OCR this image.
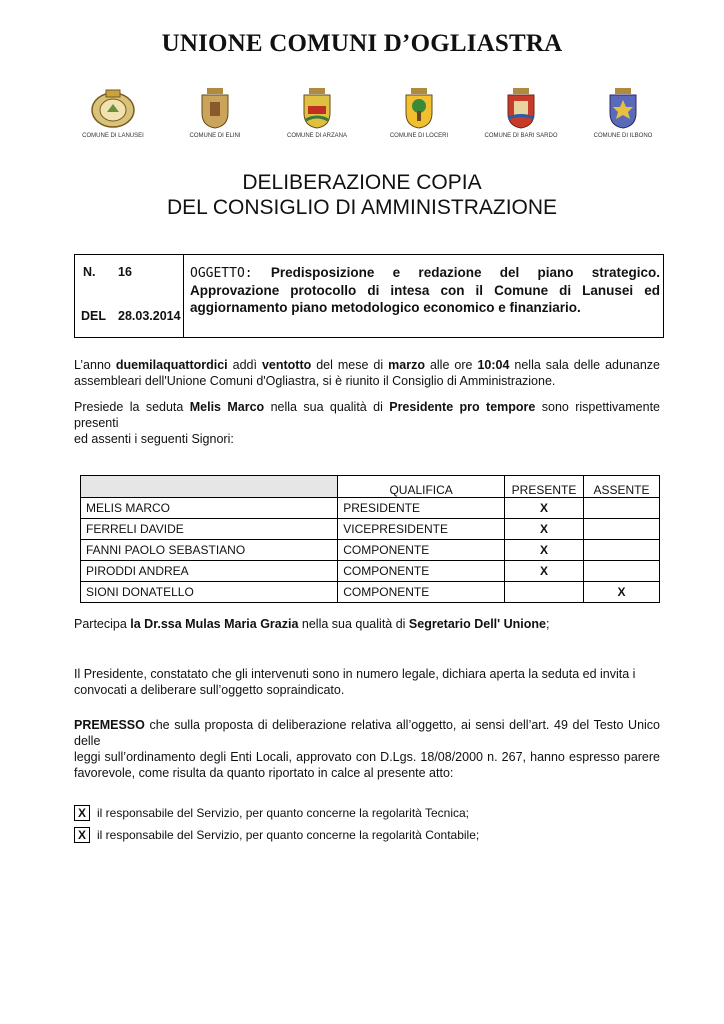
UNIONE COMUNI D’OGLIASTRA
COMUNE DI LANUSEI	COMUNE DI ELINI	COMUNE DI ARZANA	COMUNE DI LOCERI	COMUNE DI BARI SARDO	COMUNE DI ILBONO
DELIBERAZIONE COPIA
DEL CONSIGLIO DI AMMINISTRAZIONE
N. 16
DEL 28.03.2014
OGGETTO: Predisposizione e redazione del piano strategico.
Approvazione protocollo di intesa con il Comune di Lanusei ed
aggiornamento piano metodologico economico e finanziario.
L’anno duemilaquattordici addì ventotto del mese di marzo alle ore 10:04 nella sala delle adunanze
assembleari dell'Unione Comuni d'Ogliastra, si è riunito il Consiglio di Amministrazione.
Presiede la seduta Melis Marco nella sua qualità di Presidente pro tempore sono rispettivamente presenti
ed assenti i seguenti Signori:
	QUALIFICA	PRESENTE	ASSENTE
MELIS MARCO	PRESIDENTE	X	
FERRELI DAVIDE	VICEPRESIDENTE	X	
FANNI PAOLO SEBASTIANO	COMPONENTE	X	
PIRODDI ANDREA	COMPONENTE	X	
SIONI DONATELLO	COMPONENTE		X
Partecipa la Dr.ssa Mulas Maria Grazia nella sua qualità di Segretario Dell' Unione;
Il Presidente, constatato che gli intervenuti sono in numero legale, dichiara aperta la seduta ed invita i
convocati a deliberare sull’oggetto sopraindicato.
PREMESSO che sulla proposta di deliberazione relativa all’oggetto, ai sensi dell’art. 49 del Testo Unico delle
leggi sull’ordinamento degli Enti Locali, approvato con D.Lgs. 18/08/2000 n. 267, hanno espresso parere
favorevole, come risulta da quanto riportato in calce al presente atto:
X il responsabile del Servizio, per quanto concerne la regolarità Tecnica;
X il responsabile del Servizio, per quanto concerne la regolarità Contabile;
